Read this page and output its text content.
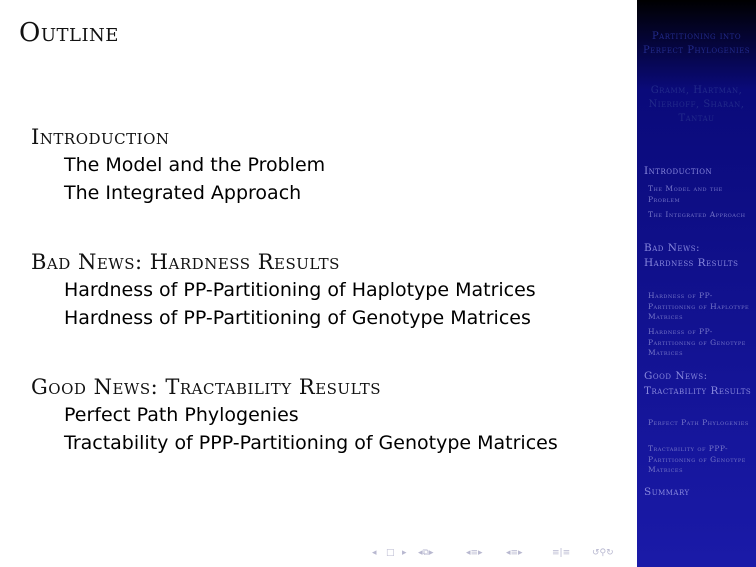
Outline
Introduction
The Model and the Problem
The Integrated Approach
Bad News: Hardness Results
Hardness of PP-Partitioning of Haplotype Matrices
Hardness of PP-Partitioning of Genotype Matrices
Good News: Tractability Results
Perfect Path Phylogenies
Tractability of PPP-Partitioning of Genotype Matrices
◂ □ ▸ ◂⧉▸	◂≡▸	◂≡▸	≡|≡ ↺⚲↻
Partitioning into Perfect Phylogenies
Gramm, Hartman, Nierhoff, Sharan, Tantau
Introduction
The Model and the Problem
The Integrated Approach
Bad News: Hardness Results
Hardness of PP-Partitioning of Haplotype Matrices
Hardness of PP-Partitioning of Genotype Matrices
Good News: Tractability Results
Perfect Path Phylogenies
Tractability of PPP-Partitioning of Genotype Matrices
Summary
